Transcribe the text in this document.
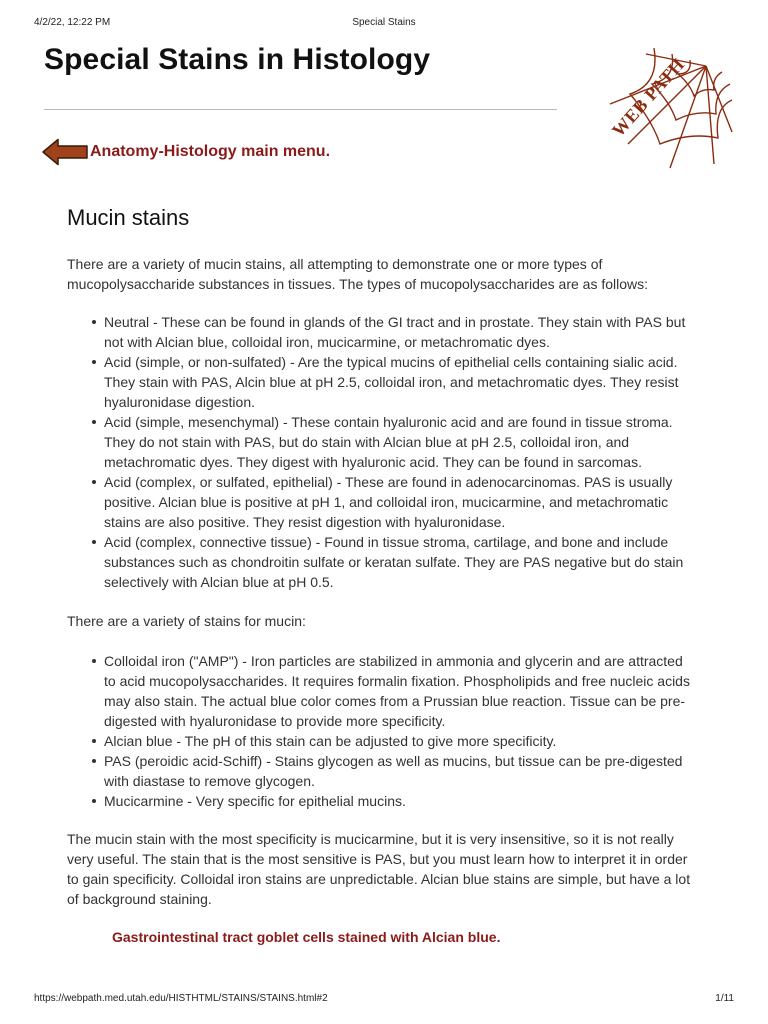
4/2/22, 12:22 PM	Special Stains
Special Stains in Histology	WEB PATH
Anatomy-Histology main menu.
Mucin stains

There are a variety of mucin stains, all attempting to demonstrate one or more types of mucopolysaccharide substances in tissues. The types of mucopolysaccharides are as follows:

Neutral - These can be found in glands of the GI tract and in prostate. They stain with PAS but not with Alcian blue, colloidal iron, mucicarmine, or metachromatic dyes.
Acid (simple, or non-sulfated) - Are the typical mucins of epithelial cells containing sialic acid. They stain with PAS, Alcin blue at pH 2.5, colloidal iron, and metachromatic dyes. They resist hyaluronidase digestion.
Acid (simple, mesenchymal) - These contain hyaluronic acid and are found in tissue stroma. They do not stain with PAS, but do stain with Alcian blue at pH 2.5, colloidal iron, and metachromatic dyes. They digest with hyaluronic acid. They can be found in sarcomas.
Acid (complex, or sulfated, epithelial) - These are found in adenocarcinomas. PAS is usually positive. Alcian blue is positive at pH 1, and colloidal iron, mucicarmine, and metachromatic stains are also positive. They resist digestion with hyaluronidase.
Acid (complex, connective tissue) - Found in tissue stroma, cartilage, and bone and include substances such as chondroitin sulfate or keratan sulfate. They are PAS negative but do stain selectively with Alcian blue at pH 0.5.

There are a variety of stains for mucin:

Colloidal iron ("AMP") - Iron particles are stabilized in ammonia and glycerin and are attracted to acid mucopolysaccharides. It requires formalin fixation. Phospholipids and free nucleic acids may also stain. The actual blue color comes from a Prussian blue reaction. Tissue can be pre-digested with hyaluronidase to provide more specificity.
Alcian blue - The pH of this stain can be adjusted to give more specificity.
PAS (peroidic acid-Schiff) - Stains glycogen as well as mucins, but tissue can be pre-digested with diastase to remove glycogen.
Mucicarmine - Very specific for epithelial mucins.

The mucin stain with the most specificity is mucicarmine, but it is very insensitive, so it is not really very useful. The stain that is the most sensitive is PAS, but you must learn how to interpret it in order to gain specificity. Colloidal iron stains are unpredictable. Alcian blue stains are simple, but have a lot of background staining.

Gastrointestinal tract goblet cells stained with Alcian blue.

https://webpath.med.utah.edu/HISTHTML/STAINS/STAINS.html#2	1/11
